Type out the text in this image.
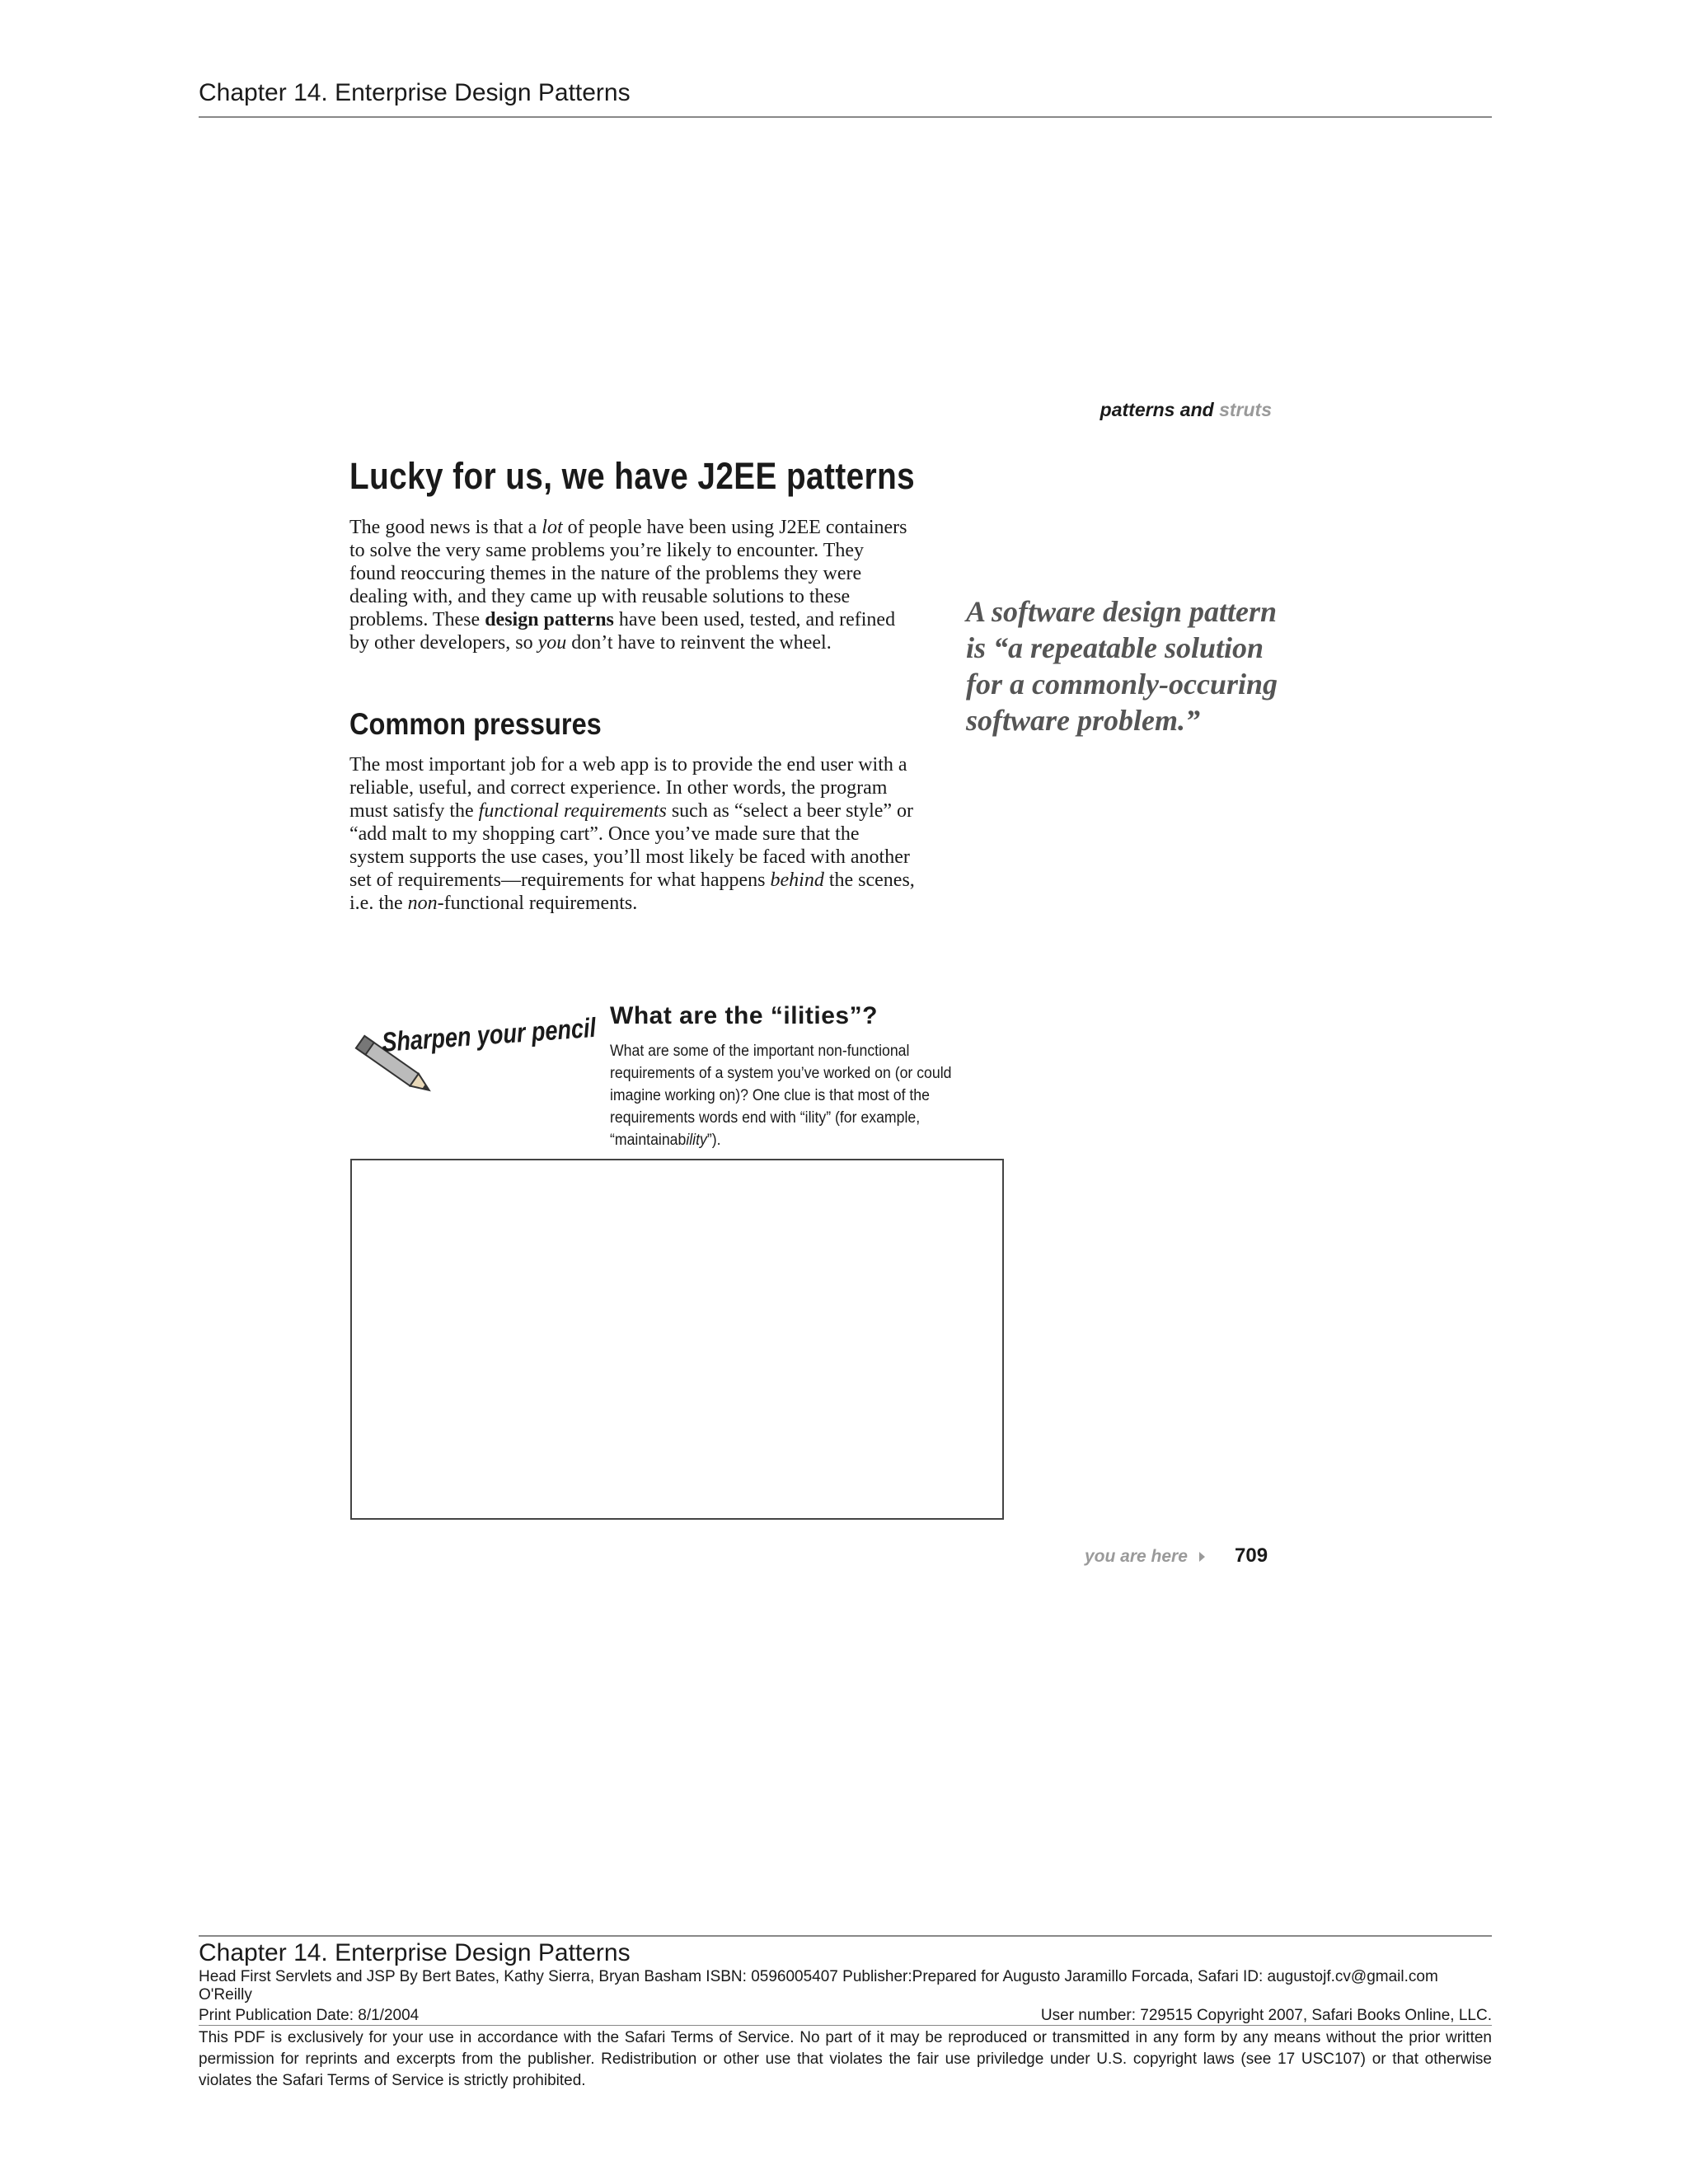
Chapter 14. Enterprise Design Patterns
patterns and struts
Lucky for us, we have J2EE patterns
The good news is that a lot of people have been using J2EE containers to solve the very same problems you’re likely to encounter. They found reoccuring themes in the nature of the problems they were dealing with, and they came up with reusable solutions to these problems. These design patterns have been used, tested, and refined by other developers, so you don’t have to reinvent the wheel.
Common pressures
The most important job for a web app is to provide the end user with a reliable, useful, and correct experience. In other words, the program must satisfy the functional requirements such as “select a beer style” or “add malt to my shopping cart”. Once you’ve made sure that the system supports the use cases, you’ll most likely be faced with another set of requirements—requirements for what happens behind the scenes, i.e. the non-functional requirements.
A software design pattern is “a repeatable solution for a commonly-occuring software problem.”
Sharpen your pencil What are the “ilities”?
What are some of the important non-functional requirements of a system you’ve worked on (or could imagine working on)? One clue is that most of the requirements words end with “ility” (for example, “maintainability”).
you are here 709
Chapter 14. Enterprise Design Patterns
Head First Servlets and JSP By Bert Bates, Kathy Sierra, Bryan Basham ISBN: 0596005407 Publisher:Prepared for Augusto Jaramillo Forcada, Safari ID: augustojf.cv@gmail.com
O'Reilly
Print Publication Date: 8/1/2004	User number: 729515 Copyright 2007, Safari Books Online, LLC.
This PDF is exclusively for your use in accordance with the Safari Terms of Service. No part of it may be reproduced or transmitted in any form by any means without the prior written permission for reprints and excerpts from the publisher. Redistribution or other use that violates the fair use priviledge under U.S. copyright laws (see 17 USC107) or that otherwise violates the Safari Terms of Service is strictly prohibited.
